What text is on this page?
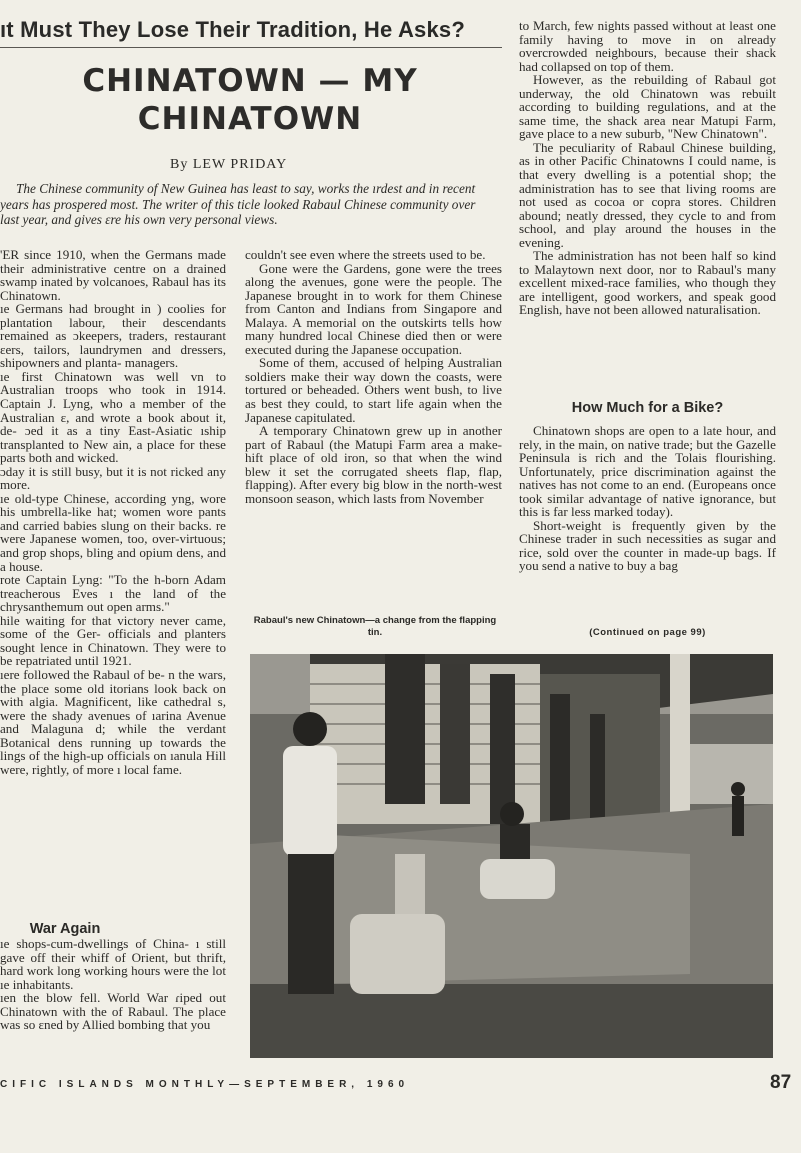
ıt Must They Lose Their Tradition, He Asks?
CHINATOWN — MY
CHINATOWN
By LEW PRIDAY
The Chinese community of New Guinea has least to say, works the ırdest and in recent years has prospered most. The writer of this ticle looked Rabaul Chinese community over last year, and gives ɛre his own very personal views.

'ER since 1910, when the Germans made their administrative centre on a drained swamp inated by volcanoes, Rabaul has its Chinatown.

ıe Germans had brought in ) coolies for plantation labour, their descendants remained as ɔkeepers, traders, restaurant ɛers, tailors, laundrymen and dressers, shipowners and planta- managers.

ıe first Chinatown was well vn to Australian troops who took in 1914. Captain J. Lyng, who a member of the Australian ɛ, and wrote a book about it, de- ɔed it as a tiny East-Asiatic ıship transplanted to New ain, a place for these parts both and wicked.

ɔday it is still busy, but it is not ricked any more.

ıe old-type Chinese, according yng, wore his umbrella-like hat; women wore pants and carried babies slung on their backs. re were Japanese women, too, over-virtuous; and grop shops, bling and opium dens, and a house.

rote Captain Lyng: "To the h-born Adam treacherous Eves ı the land of the chrysanthemum out open arms."

hile waiting for that victory never came, some of the Ger- officials and planters sought lence in Chinatown. They were to be repatriated until 1921.

ıere followed the Rabaul of be- n the wars, the place some old itorians look back on with algia. Magnificent, like cathedral s, were the shady avenues of ıarina Avenue and Malaguna d; while the verdant Botanical dens running up towards the lings of the high-up officials on ıanula Hill were, rightly, of more ı local fame.

War Again

ıe shops-cum-dwellings of China- ı still gave off their whiff of Orient, but thrift, hard work long working hours were the lot ıe inhabitants.

ıen the blow fell. World War ɾiped out Chinatown with the of Rabaul. The place was so ɛned by Allied bombing that you

couldn't see even where the streets used to be.

Gone were the Gardens, gone were the trees along the avenues, gone were the people. The Japanese brought in to work for them Chinese from Canton and Indians from Singapore and Malaya. A memorial on the outskirts tells how many hundred local Chinese died then or were executed during the Japanese occupation.

Some of them, accused of helping Australian soldiers make their way down the coasts, were tortured or beheaded. Others went bush, to live as best they could, to start life again when the Japanese capitulated.

A temporary Chinatown grew up in another part of Rabaul (the Matupi Farm area a make-hift place of old iron, so that when the wind blew it set the corrugated sheets flap, flap, flapping). After every big blow in the north-west monsoon season, which lasts from November

Rabaul's new Chinatown—a change from the flapping tin.

to March, few nights passed without at least one family having to move in on already overcrowded neighbours, because their shack had collapsed on top of them.

However, as the rebuilding of Rabaul got underway, the old Chinatown was rebuilt according to building regulations, and at the same time, the shack area near Matupi Farm, gave place to a new suburb, "New Chinatown".

The peculiarity of Rabaul Chinese building, as in other Pacific Chinatowns I could name, is that every dwelling is a potential shop; the administration has to see that living rooms are not used as cocoa or copra stores. Children abound; neatly dressed, they cycle to and from school, and play around the houses in the evening.

The administration has not been half so kind to Malaytown next door, nor to Rabaul's many excellent mixed-race families, who though they are intelligent, good workers, and speak good English, have not been allowed naturalisation.

How Much for a Bike?

Chinatown shops are open to a late hour, and rely, in the main, on native trade; but the Gazelle Peninsula is rich and the Tolais flourishing. Unfortunately, price discrimination against the natives has not come to an end. (Europeans once took similar advantage of native ignorance, but this is far less marked today).

Short-weight is frequently given by the Chinese trader in such necessities as sugar and rice, sold over the counter in made-up bags. If you send a native to buy a bag

(Continued on page 99)
CIFIC ISLANDS MONTHLY—SEPTEMBER, 1960	87
